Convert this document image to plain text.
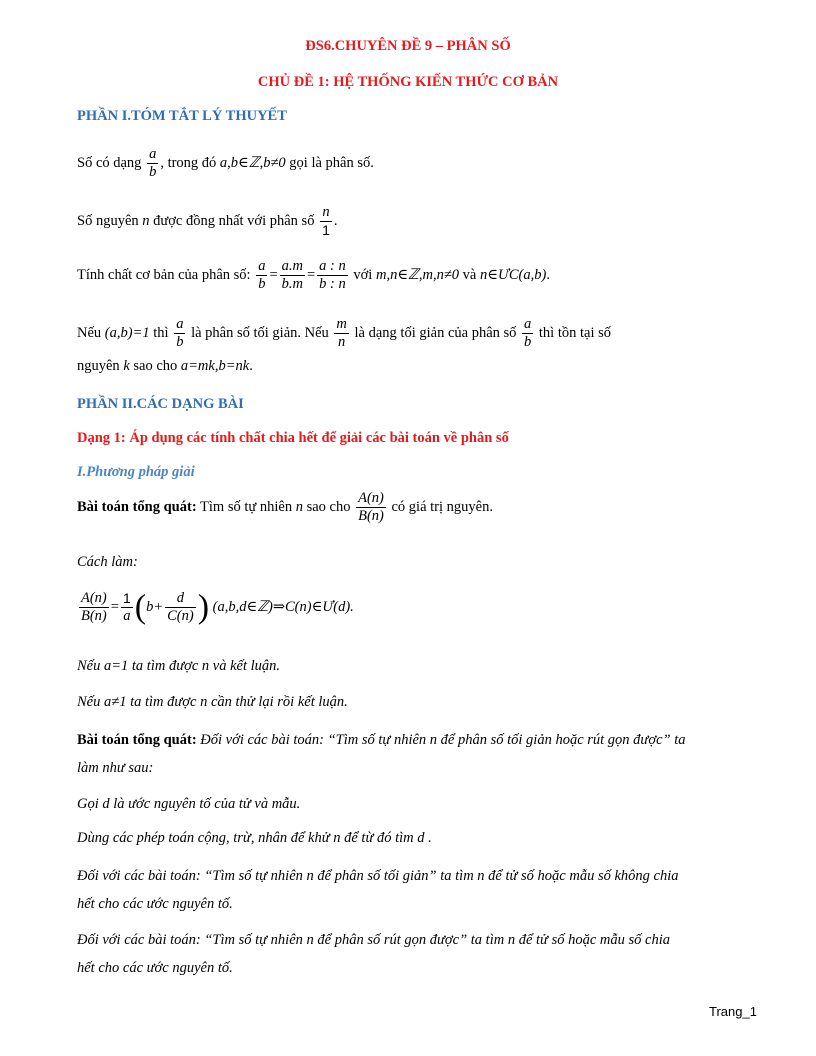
ĐS6.CHUYÊN ĐỀ 9 – PHÂN SỐ
CHỦ ĐỀ 1: HỆ THỐNG KIẾN THỨC CƠ BẢN
PHẦN I.TÓM TẮT LÝ THUYẾT
Số có dạng $\frac{a}{b}$ , trong đó a,b∈ℤ,b≠0 gọi là phân số.
Số nguyên n được đồng nhất với phân số $\frac{n}{1}$ .
Tính chất cơ bản của phân số: $\frac{a}{b} = \frac{a.m}{b.m} = \frac{a : n}{b : n}$ với m,n∈ℤ,m,n≠0 và n∈ƯC(a,b).
Nếu (a,b)=1 thì $\frac{a}{b}$ là phân số tối giản. Nếu $\frac{m}{n}$ là dạng tối giản của phân số $\frac{a}{b}$ thì tồn tại số
nguyên k sao cho a=mk,b=nk.
PHẦN II.CÁC DẠNG BÀI
Dạng 1: Áp dụng các tính chất chia hết để giải các bài toán về phân số
I.Phương pháp giải
Bài toán tổng quát: Tìm số tự nhiên n sao cho $\frac{A(n)}{B(n)}$ có giá trị nguyên.
Cách làm:
$\frac{A(n)}{B(n)} = \frac{1}{a} (b+ \frac{d}{C(n)}$ ) (a,b,d∈ℤ)⇒C(n)∈Ư(d).
Nếu a=1 ta tìm được n và kết luận.
Nếu a≠1 ta tìm được n cần thử lại rồi kết luận.
Bài toán tổng quát: Đối với các bài toán: “Tìm số tự nhiên n để phân số tối giản hoặc rút gọn được” ta
làm như sau:
Gọi d là ước nguyên tố của tử và mẫu.
Dùng các phép toán cộng, trừ, nhân để khử n để từ đó tìm d .
Đối với các bài toán: “Tìm số tự nhiên n để phân số tối giản” ta tìm n để tử số hoặc mẫu số không chia
hết cho các ước nguyên tố.
Đối với các bài toán: “Tìm số tự nhiên n để phân số rút gọn được” ta tìm n để tử số hoặc mẫu số chia
hết cho các ước nguyên tố.
Trang_1
